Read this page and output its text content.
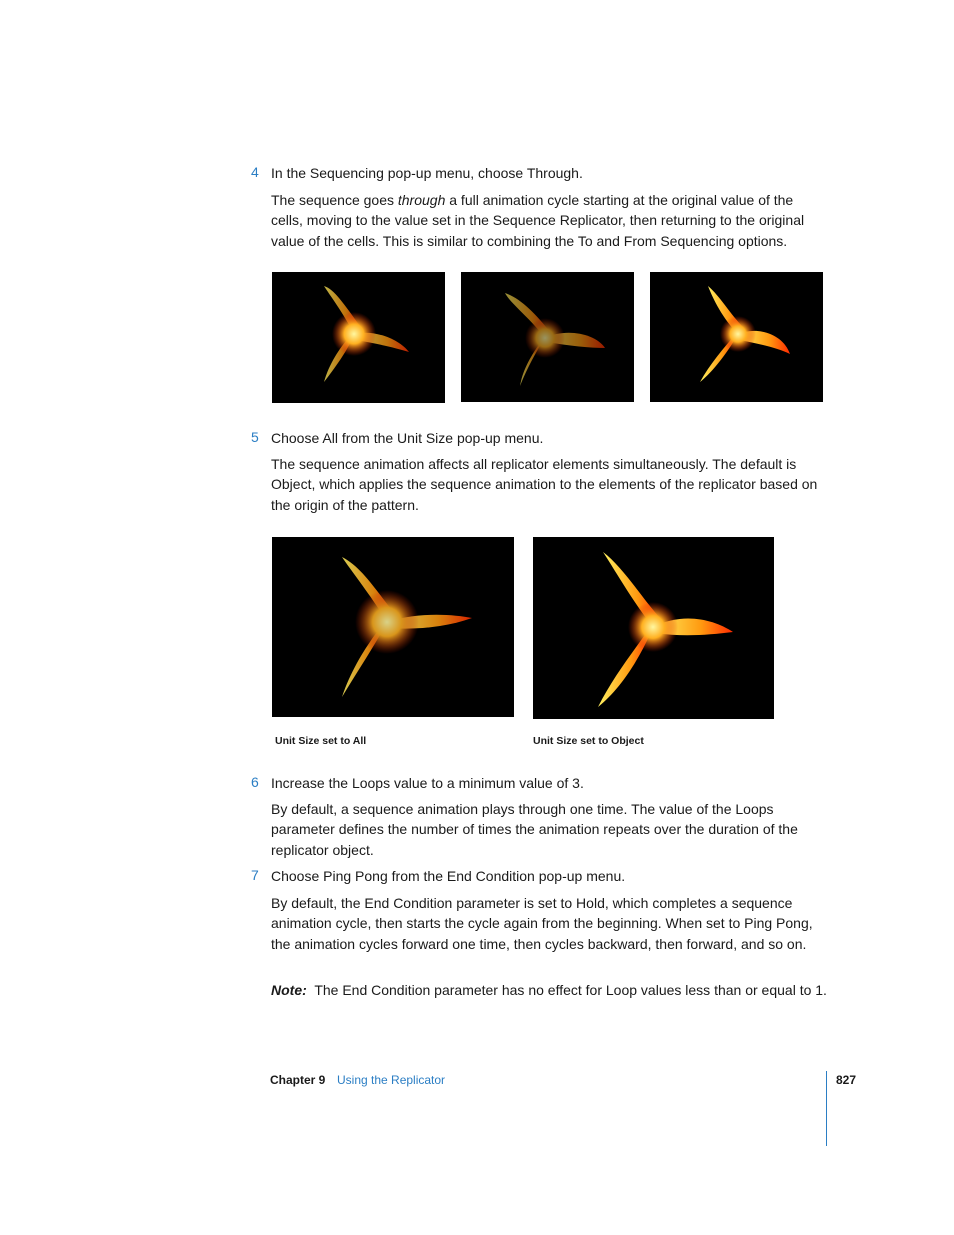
4 In the Sequencing pop-up menu, choose Through.

The sequence goes through a full animation cycle starting at the original value of the cells, moving to the value set in the Sequence Replicator, then returning to the original value of the cells. This is similar to combining the To and From Sequencing options.

5 Choose All from the Unit Size pop-up menu.

The sequence animation affects all replicator elements simultaneously. The default is Object, which applies the sequence animation to the elements of the replicator based on the origin of the pattern.

Unit Size set to All	Unit Size set to Object
6 Increase the Loops value to a minimum value of 3.

By default, a sequence animation plays through one time. The value of the Loops parameter defines the number of times the animation repeats over the duration of the replicator object.

7 Choose Ping Pong from the End Condition pop-up menu.

By default, the End Condition parameter is set to Hold, which completes a sequence animation cycle, then starts the cycle again from the beginning. When set to Ping Pong, the animation cycles forward one time, then cycles backward, then forward, and so on.

Note: The End Condition parameter has no effect for Loop values less than or equal to 1.

Chapter 9 Using the Replicator	827
